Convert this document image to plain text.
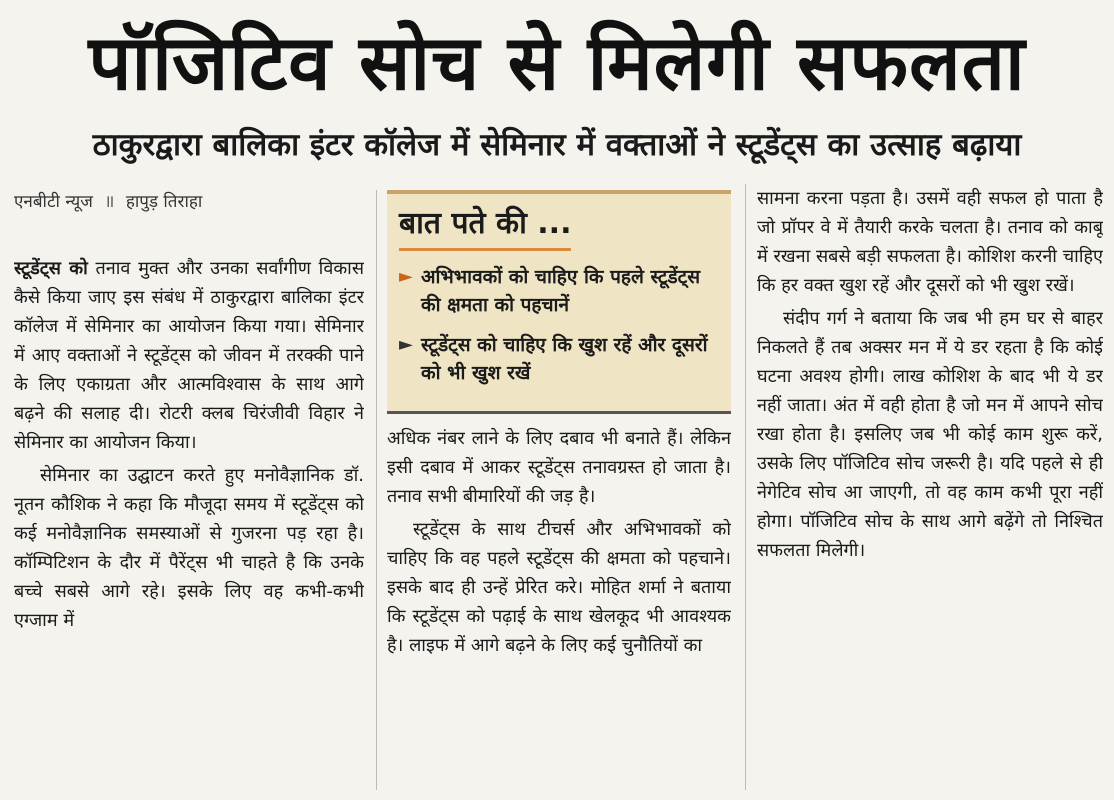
पॉजिटिव सोच से मिलेगी सफलता
ठाकुरद्वारा बालिका इंटर कॉलेज में सेमिनार में वक्ताओं ने स्टूडेंट्स का उत्साह बढ़ाया
एनबीटी न्यूज ॥ हापुड़ तिराहा

स्टूडेंट्स को तनाव मुक्त और उनका सर्वांगीण विकास कैसे किया जाए इस संबंध में ठाकुरद्वारा बालिका इंटर कॉलेज में सेमिनार का आयोजन किया गया। सेमिनार में आए वक्ताओं ने स्टूडेंट्स को जीवन में तरक्की पाने के लिए एकाग्रता और आत्मविश्वास के साथ आगे बढ़ने की सलाह दी। रोटरी क्लब चिरंजीवी विहार ने सेमिनार का आयोजन किया।

सेमिनार का उद्घाटन करते हुए मनोवैज्ञानिक डॉ. नूतन कौशिक ने कहा कि मौजूदा समय में स्टूडेंट्स को कई मनोवैज्ञानिक समस्याओं से गुजरना पड़ रहा है। कॉम्पिटिशन के दौर में पैरेंट्स भी चाहते है कि उनके बच्चे सबसे आगे रहे। इसके लिए वह कभी-कभी एग्जाम में

बात पते की ...
► अभिभावकों को चाहिए कि पहले स्टूडेंट्स की क्षमता को पहचानें
► स्टूडेंट्स को चाहिए कि खुश रहें और दूसरों को भी खुश रखें

अधिक नंबर लाने के लिए दबाव भी बनाते हैं। लेकिन इसी दबाव में आकर स्टूडेंट्स तनावग्रस्त हो जाता है। तनाव सभी बीमारियों की जड़ है।

स्टूडेंट्स के साथ टीचर्स और अभिभावकों को चाहिए कि वह पहले स्टूडेंट्स की क्षमता को पहचाने। इसके बाद ही उन्हें प्रेरित करे। मोहित शर्मा ने बताया कि स्टूडेंट्स को पढ़ाई के साथ खेलकूद भी आवश्यक है। लाइफ में आगे बढ़ने के लिए कई चुनौतियों का

सामना करना पड़ता है। उसमें वही सफल हो पाता है जो प्रॉपर वे में तैयारी करके चलता है। तनाव को काबू में रखना सबसे बड़ी सफलता है। कोशिश करनी चाहिए कि हर वक्त खुश रहें और दूसरों को भी खुश रखें।

संदीप गर्ग ने बताया कि जब भी हम घर से बाहर निकलते हैं तब अक्सर मन में ये डर रहता है कि कोई घटना अवश्य होगी। लाख कोशिश के बाद भी ये डर नहीं जाता। अंत में वही होता है जो मन में आपने सोच रखा होता है। इसलिए जब भी कोई काम शुरू करें, उसके लिए पॉजिटिव सोच जरूरी है। यदि पहले से ही नेगेटिव सोच आ जाएगी, तो वह काम कभी पूरा नहीं होगा। पॉजिटिव सोच के साथ आगे बढ़ेंगे तो निश्चित सफलता मिलेगी।
